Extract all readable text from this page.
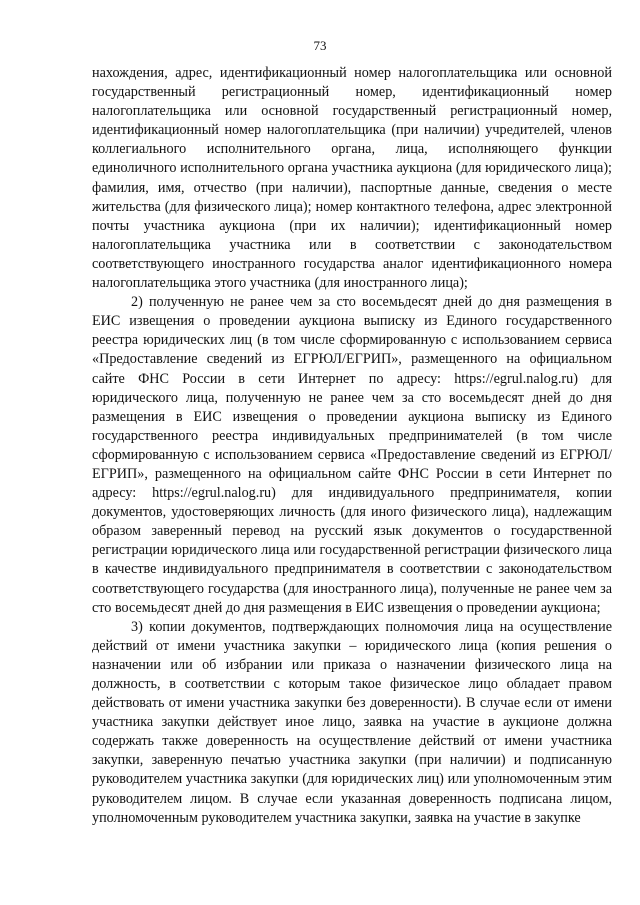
73

нахождения, адрес, идентификационный номер налогоплательщика или основной государственный регистрационный номер, идентификационный номер налогоплательщика или основной государственный регистрационный номер, идентификационный номер налогоплательщика (при наличии) учредителей, членов коллегиального исполнительного органа, лица, исполняющего функции единоличного исполнительного органа участника аукциона (для юридического лица); фамилия, имя, отчество (при наличии), паспортные данные, сведения о месте жительства (для физического лица); номер контактного телефона, адрес электронной почты участника аукциона (при их наличии); идентификационный номер налогоплательщика участника или в соответствии с законодательством соответствующего иностранного государства аналог идентификационного номера налогоплательщика этого участника (для иностранного лица);

2) полученную не ранее чем за сто восемьдесят дней до дня размещения в ЕИС извещения о проведении аукциона выписку из Единого государственного реестра юридических лиц (в том числе сформированную с использованием сервиса «Предоставление сведений из ЕГРЮЛ/ЕГРИП», размещенного на официальном сайте ФНС России в сети Интернет по адресу: https://egrul.nalog.ru) для юридического лица, полученную не ранее чем за сто восемьдесят дней до дня размещения в ЕИС извещения о проведении аукциона выписку из Единого государственного реестра индивидуальных предпринимателей (в том числе сформированную с использованием сервиса «Предоставление сведений из ЕГРЮЛ/ЕГРИП», размещенного на официальном сайте ФНС России в сети Интернет по адресу: https://egrul.nalog.ru) для индивидуального предпринимателя, копии документов, удостоверяющих личность (для иного физического лица), надлежащим образом заверенный перевод на русский язык документов о государственной регистрации юридического лица или государственной регистрации физического лица в качестве индивидуального предпринимателя в соответствии с законодательством соответствующего государства (для иностранного лица), полученные не ранее чем за сто восемьдесят дней до дня размещения в ЕИС извещения о проведении аукциона;

3) копии документов, подтверждающих полномочия лица на осуществление действий от имени участника закупки – юридического лица (копия решения о назначении или об избрании или приказа о назначении физического лица на должность, в соответствии с которым такое физическое лицо обладает правом действовать от имени участника закупки без доверенности). В случае если от имени участника закупки действует иное лицо, заявка на участие в аукционе должна содержать также доверенность на осуществление действий от имени участника закупки, заверенную печатью участника закупки (при наличии) и подписанную руководителем участника закупки (для юридических лиц) или уполномоченным этим руководителем лицом. В случае если указанная доверенность подписана лицом, уполномоченным руководителем участника закупки, заявка на участие в закупке
